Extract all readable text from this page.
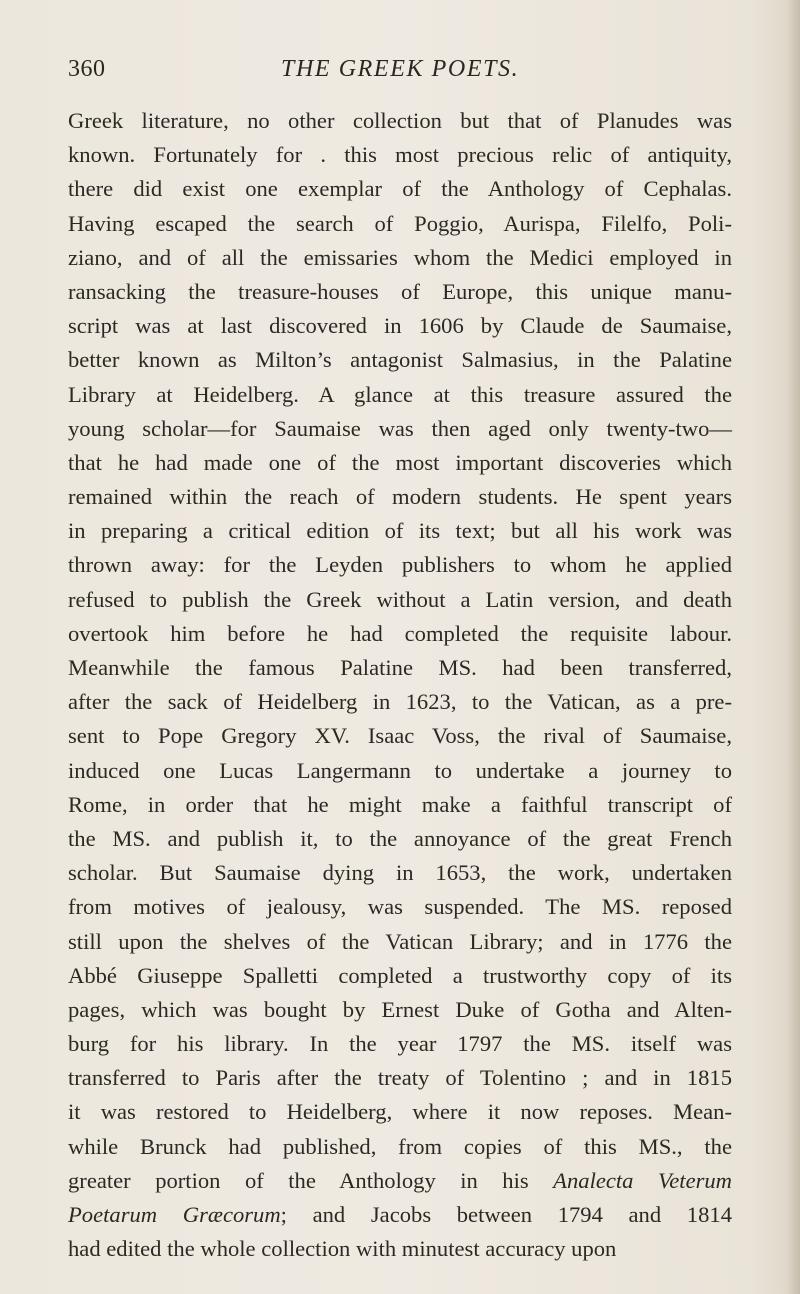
360	THE GREEK POETS.
Greek literature, no other collection but that of Planudes was
known. Fortunately for . this most precious relic of antiquity,
there did exist one exemplar of the Anthology of Cephalas.
Having escaped the search of Poggio, Aurispa, Filelfo, Poli-
ziano, and of all the emissaries whom the Medici employed in
ransacking the treasure-houses of Europe, this unique manu-
script was at last discovered in 1606 by Claude de Saumaise,
better known as Milton’s antagonist Salmasius, in the Palatine
Library at Heidelberg. A glance at this treasure assured the
young scholar—for Saumaise was then aged only twenty-two—
that he had made one of the most important discoveries which
remained within the reach of modern students. He spent years
in preparing a critical edition of its text; but all his work was
thrown away: for the Leyden publishers to whom he applied
refused to publish the Greek without a Latin version, and death
overtook him before he had completed the requisite labour.
Meanwhile the famous Palatine MS. had been transferred,
after the sack of Heidelberg in 1623, to the Vatican, as a pre-
sent to Pope Gregory XV. Isaac Voss, the rival of Saumaise,
induced one Lucas Langermann to undertake a journey to
Rome, in order that he might make a faithful transcript of
the MS. and publish it, to the annoyance of the great French
scholar. But Saumaise dying in 1653, the work, undertaken
from motives of jealousy, was suspended. The MS. reposed
still upon the shelves of the Vatican Library; and in 1776 the
Abbé Giuseppe Spalletti completed a trustworthy copy of its
pages, which was bought by Ernest Duke of Gotha and Alten-
burg for his library. In the year 1797 the MS. itself was
transferred to Paris after the treaty of Tolentino ; and in 1815
it was restored to Heidelberg, where it now reposes. Mean-
while Brunck had published, from copies of this MS., the
greater portion of the Anthology in his Analecta Veterum
Poetarum Græcorum; and Jacobs between 1794 and 1814
had edited the whole collection with minutest accuracy upon
